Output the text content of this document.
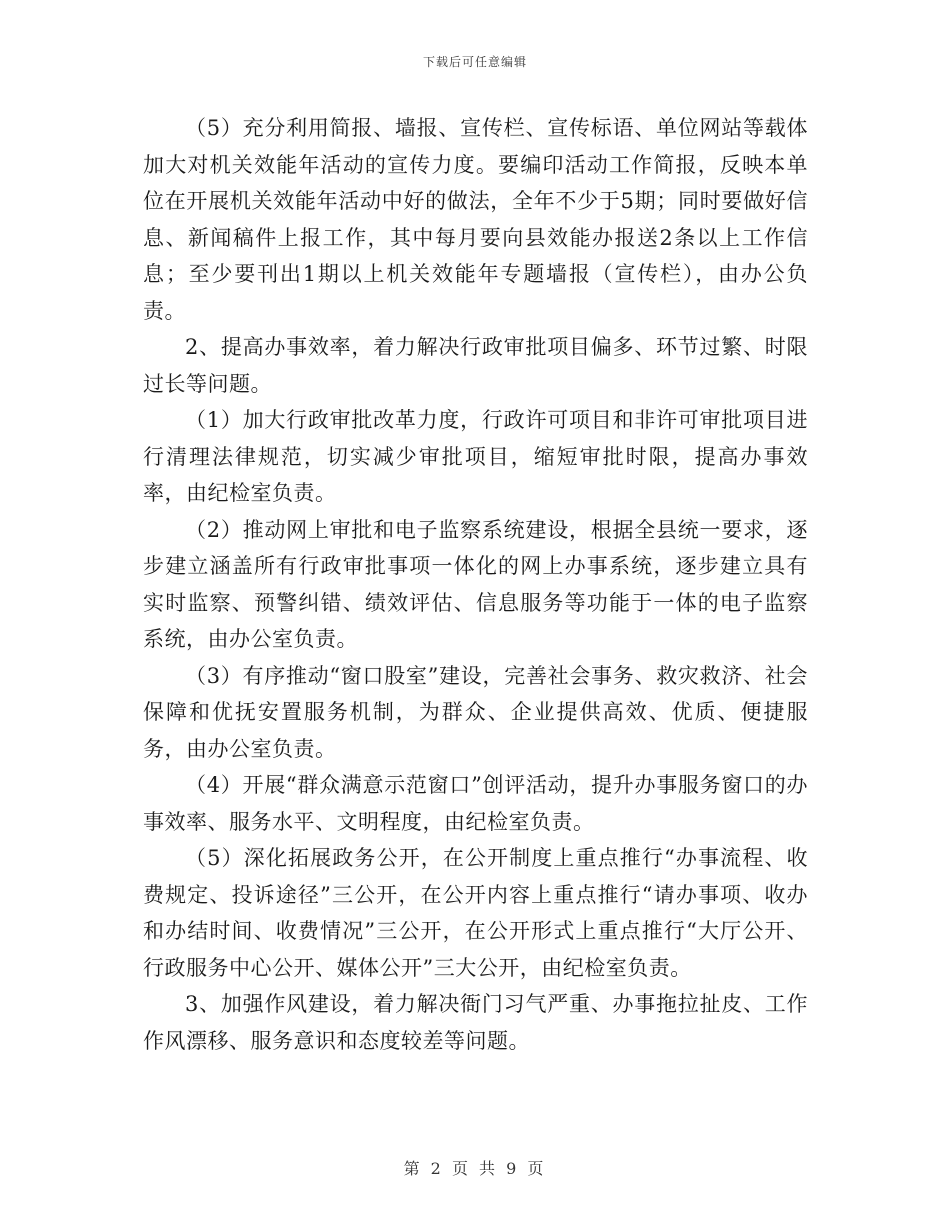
下载后可任意编辑

（5）充分利用简报、墙报、宣传栏、宣传标语、单位网站等载体加大对机关效能年活动的宣传力度。要编印活动工作简报，反映本单位在开展机关效能年活动中好的做法，全年不少于5期；同时要做好信息、新闻稿件上报工作，其中每月要向县效能办报送2条以上工作信息；至少要刊出1期以上机关效能年专题墙报（宣传栏），由办公负责。

2、提高办事效率，着力解决行政审批项目偏多、环节过繁、时限过长等问题。

（1）加大行政审批改革力度，行政许可项目和非许可审批项目进行清理法律规范，切实减少审批项目，缩短审批时限，提高办事效率，由纪检室负责。

（2）推动网上审批和电子监察系统建设，根据全县统一要求，逐步建立涵盖所有行政审批事项一体化的网上办事系统，逐步建立具有实时监察、预警纠错、绩效评估、信息服务等功能于一体的电子监察系统，由办公室负责。

（3）有序推动“窗口股室”建设，完善社会事务、救灾救济、社会保障和优抚安置服务机制，为群众、企业提供高效、优质、便捷服务，由办公室负责。

（4）开展“群众满意示范窗口”创评活动，提升办事服务窗口的办事效率、服务水平、文明程度，由纪检室负责。

（5）深化拓展政务公开，在公开制度上重点推行“办事流程、收费规定、投诉途径”三公开，在公开内容上重点推行“请办事项、收办和办结时间、收费情况”三公开，在公开形式上重点推行“大厅公开、行政服务中心公开、媒体公开”三大公开，由纪检室负责。

3、加强作风建设，着力解决衙门习气严重、办事拖拉扯皮、工作作风漂移、服务意识和态度较差等问题。

第 2 页 共 9 页
